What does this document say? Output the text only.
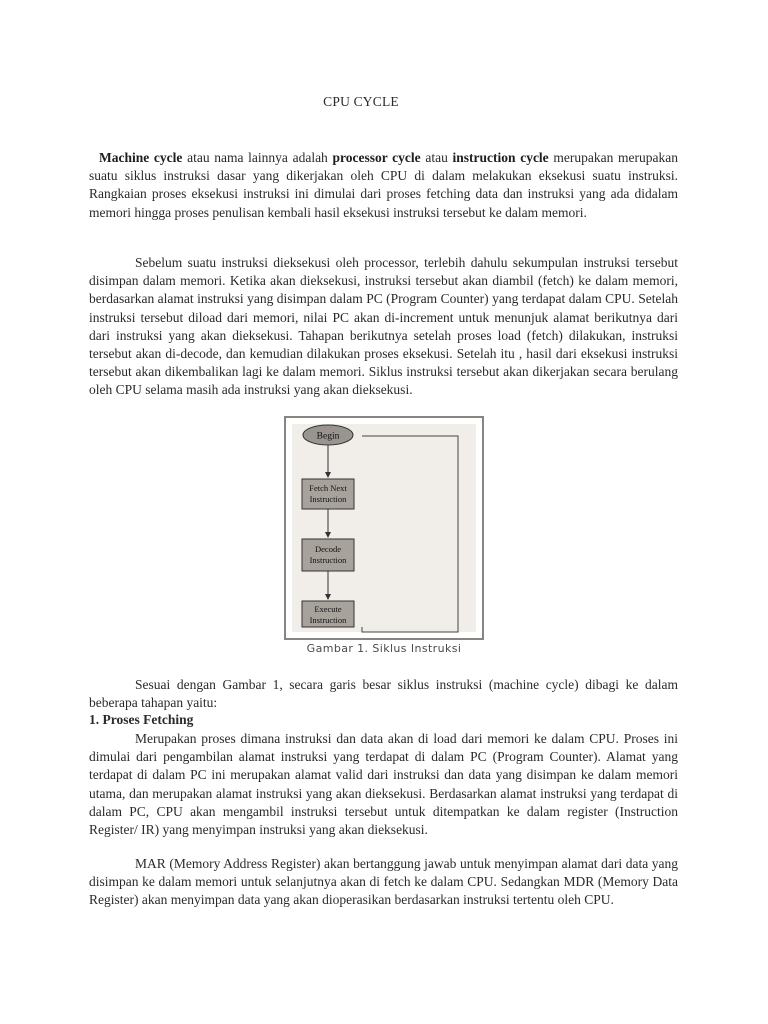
CPU CYCLE

Machine cycle atau nama lainnya adalah processor cycle atau instruction cycle merupakan merupakan suatu siklus instruksi dasar yang dikerjakan oleh CPU di dalam melakukan eksekusi suatu instruksi. Rangkaian proses eksekusi instruksi ini dimulai dari proses fetching data dan instruksi yang ada didalam memori hingga proses penulisan kembali hasil eksekusi instruksi tersebut ke dalam memori.

Sebelum suatu instruksi dieksekusi oleh processor, terlebih dahulu sekumpulan instruksi tersebut disimpan dalam memori. Ketika akan dieksekusi, instruksi tersebut akan diambil (fetch) ke dalam memori, berdasarkan alamat instruksi yang disimpan dalam PC (Program Counter) yang terdapat dalam CPU. Setelah instruksi tersebut diload dari memori, nilai PC akan di-increment untuk menunjuk alamat berikutnya dari dari instruksi yang akan dieksekusi. Tahapan berikutnya setelah proses load (fetch) dilakukan, instruksi tersebut akan di-decode, dan kemudian dilakukan proses eksekusi. Setelah itu , hasil dari eksekusi instruksi tersebut akan dikembalikan lagi ke dalam memori. Siklus instruksi tersebut akan dikerjakan secara berulang oleh CPU selama masih ada instruksi yang akan dieksekusi.

Begin
Fetch Next
Instruction
Decode
Instruction
Execute
Instruction
Gambar 1. Siklus Instruksi

Sesuai dengan Gambar 1, secara garis besar siklus instruksi (machine cycle) dibagi ke dalam beberapa tahapan yaitu:

1. Proses Fetching

Merupakan proses dimana instruksi dan data akan di load dari memori ke dalam CPU. Proses ini dimulai dari pengambilan alamat instruksi yang terdapat di dalam PC (Program Counter). Alamat yang terdapat di dalam PC ini merupakan alamat valid dari instruksi dan data yang disimpan ke dalam memori utama, dan merupakan alamat instruksi yang akan dieksekusi. Berdasarkan alamat instruksi yang terdapat di dalam PC, CPU akan mengambil instruksi tersebut untuk ditempatkan ke dalam register (Instruction Register/ IR) yang menyimpan instruksi yang akan dieksekusi.

MAR (Memory Address Register) akan bertanggung jawab untuk menyimpan alamat dari data yang disimpan ke dalam memori untuk selanjutnya akan di fetch ke dalam CPU. Sedangkan MDR (Memory Data Register) akan menyimpan data yang akan dioperasikan berdasarkan instruksi tertentu oleh CPU.
